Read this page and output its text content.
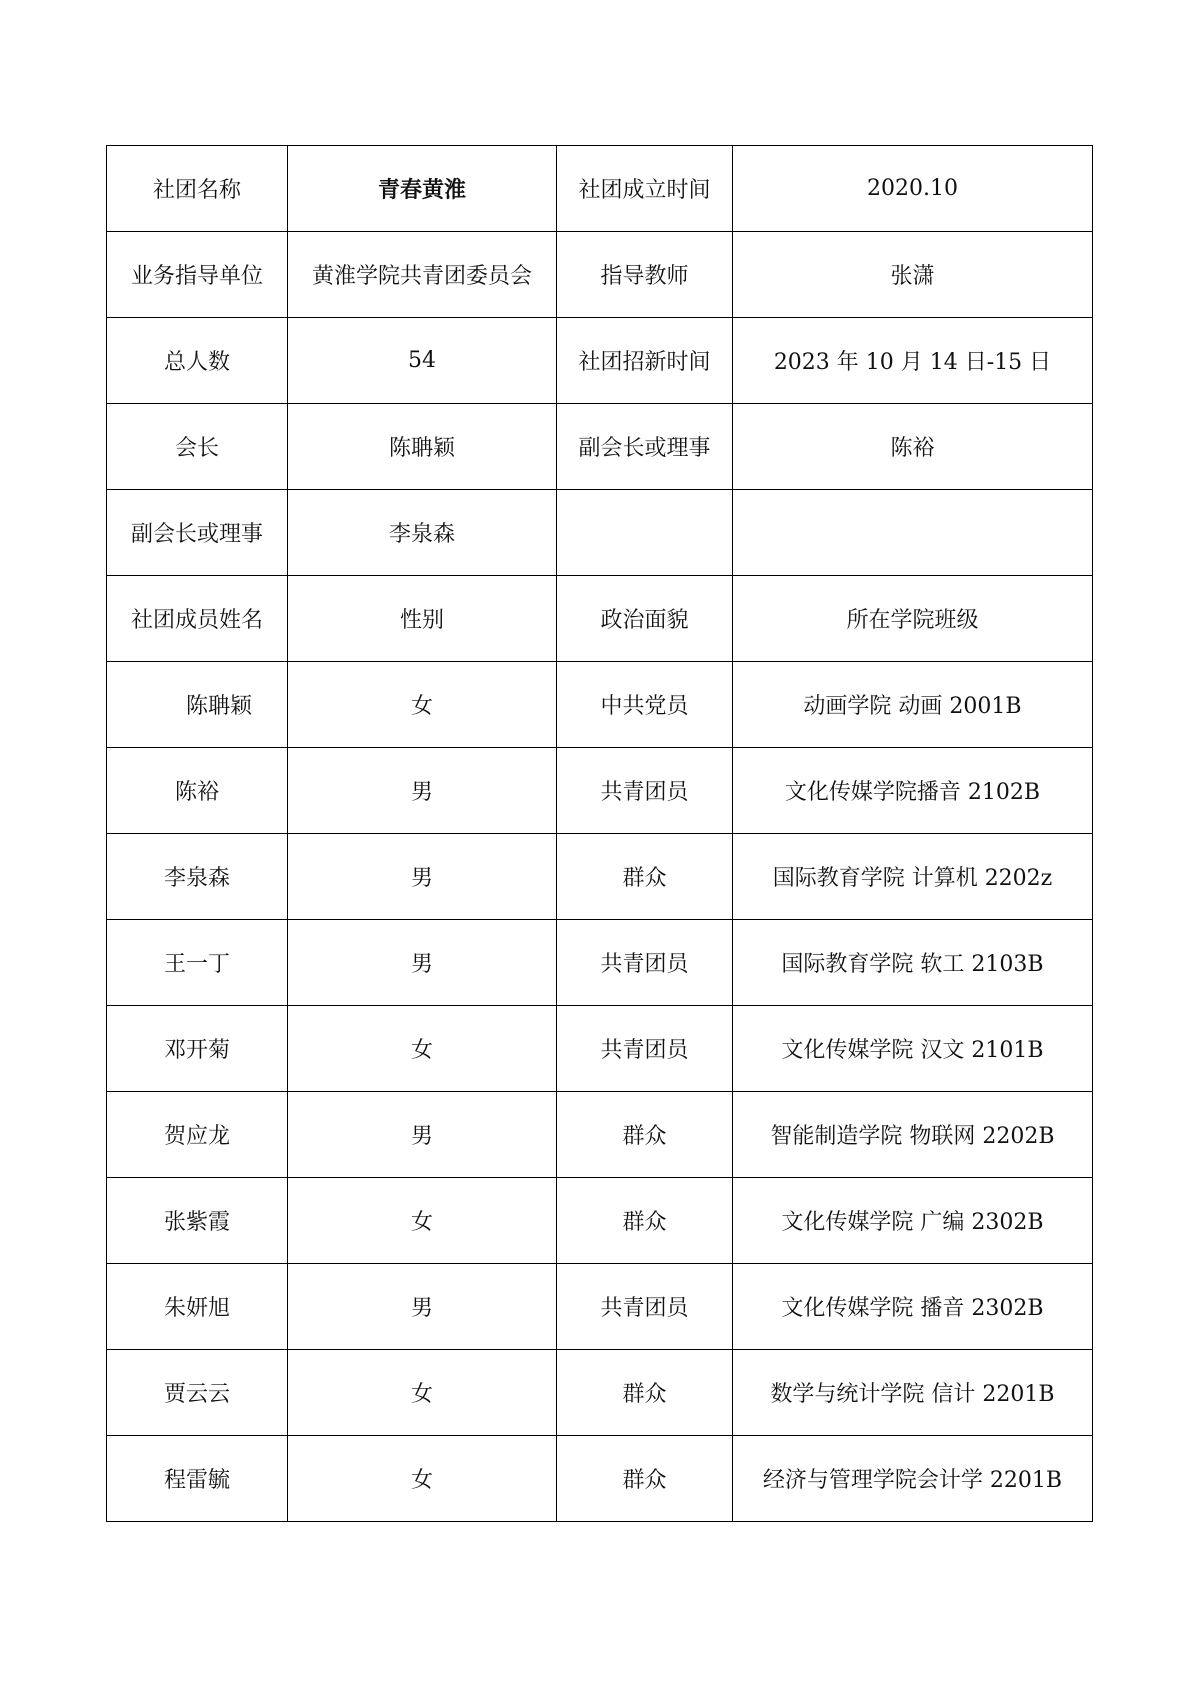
社团名称	青春黄淮	社团成立时间	2020.10
业务指导单位	黄淮学院共青团委员会	指导教师	张潇
总人数	54	社团招新时间	2023 年 10 月 14 日-15 日
会长	陈聃颖	副会长或理事	陈裕
副会长或理事	李泉森		
社团成员姓名	性别	政治面貌	所在学院班级
陈聃颖	女	中共党员	动画学院 动画 2001B
陈裕	男	共青团员	文化传媒学院播音 2102B
李泉森	男	群众	国际教育学院 计算机 2202z
王一丁	男	共青团员	国际教育学院 软工 2103B
邓开菊	女	共青团员	文化传媒学院 汉文 2101B
贺应龙	男	群众	智能制造学院 物联网 2202B
张紫霞	女	群众	文化传媒学院 广编 2302B
朱妍旭	男	共青团员	文化传媒学院 播音 2302B
贾云云	女	群众	数学与统计学院 信计 2201B
程雷毓	女	群众	经济与管理学院会计学 2201B
